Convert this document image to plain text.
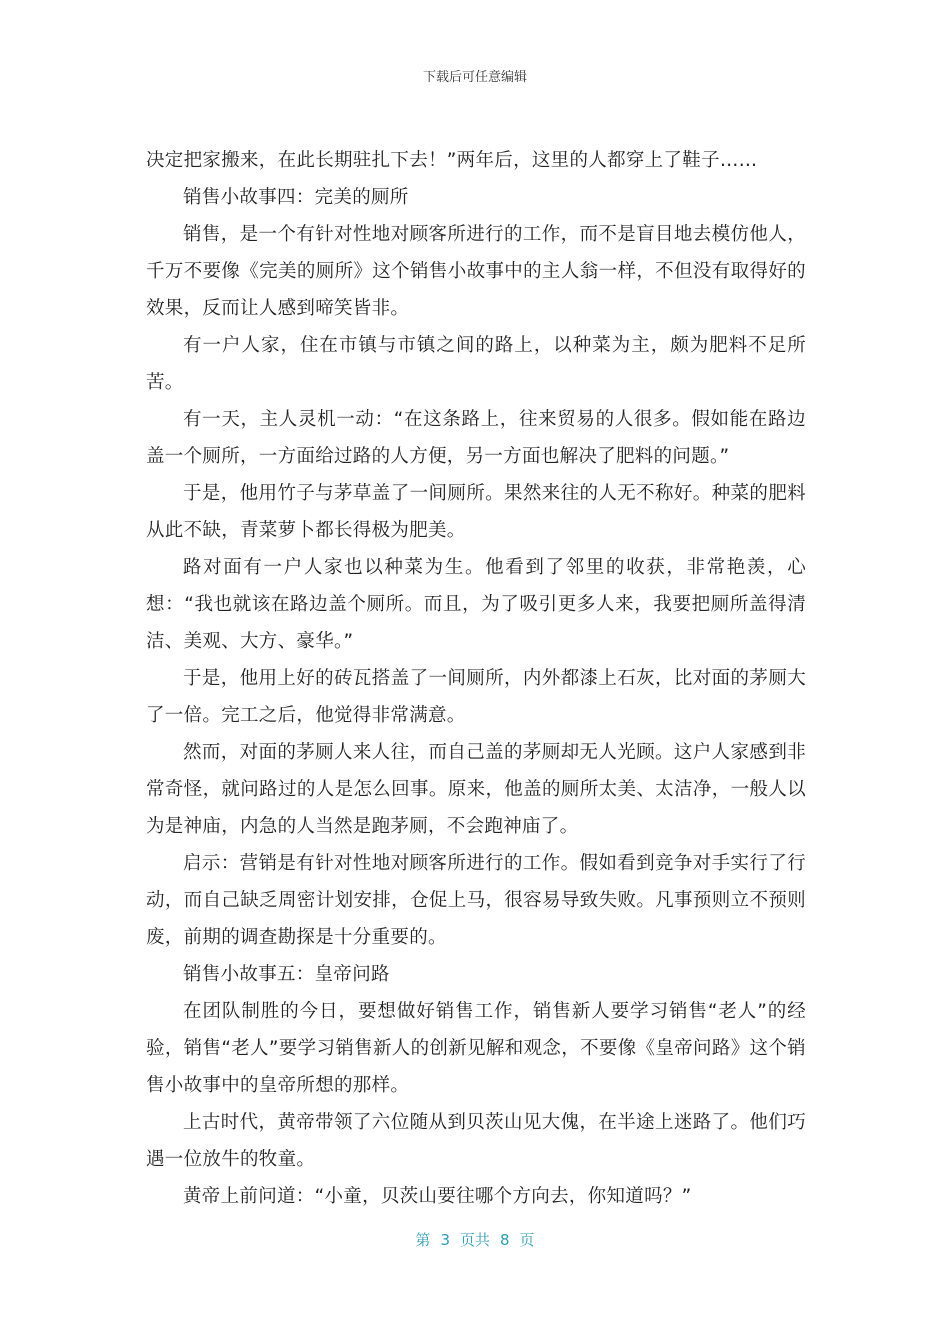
下载后可任意编辑

决定把家搬来，在此长期驻扎下去！”两年后，这里的人都穿上了鞋子……

销售小故事四：完美的厕所

销售，是一个有针对性地对顾客所进行的工作，而不是盲目地去模仿他人，千万不要像《完美的厕所》这个销售小故事中的主人翁一样，不但没有取得好的效果，反而让人感到啼笑皆非。

有一户人家，住在市镇与市镇之间的路上，以种菜为主，颇为肥料不足所苦。

有一天，主人灵机一动：“在这条路上，往来贸易的人很多。假如能在路边盖一个厕所，一方面给过路的人方便，另一方面也解决了肥料的问题。”

于是，他用竹子与茅草盖了一间厕所。果然来往的人无不称好。种菜的肥料从此不缺，青菜萝卜都长得极为肥美。

路对面有一户人家也以种菜为生。他看到了邻里的收获，非常艳羡，心想：“我也就该在路边盖个厕所。而且，为了吸引更多人来，我要把厕所盖得清洁、美观、大方、豪华。”

于是，他用上好的砖瓦搭盖了一间厕所，内外都漆上石灰，比对面的茅厕大了一倍。完工之后，他觉得非常满意。

然而，对面的茅厕人来人往，而自己盖的茅厕却无人光顾。这户人家感到非常奇怪，就问路过的人是怎么回事。原来，他盖的厕所太美、太洁净，一般人以为是神庙，内急的人当然是跑茅厕，不会跑神庙了。

启示：营销是有针对性地对顾客所进行的工作。假如看到竞争对手实行了行动，而自己缺乏周密计划安排，仓促上马，很容易导致失败。凡事预则立不预则废，前期的调查勘探是十分重要的。

销售小故事五：皇帝问路

在团队制胜的今日，要想做好销售工作，销售新人要学习销售“老人”的经验，销售“老人”要学习销售新人的创新见解和观念，不要像《皇帝问路》这个销售小故事中的皇帝所想的那样。

上古时代，黄帝带领了六位随从到贝茨山见大傀，在半途上迷路了。他们巧遇一位放牛的牧童。

黄帝上前问道：“小童，贝茨山要往哪个方向去，你知道吗？”

第 3 页共 8 页
